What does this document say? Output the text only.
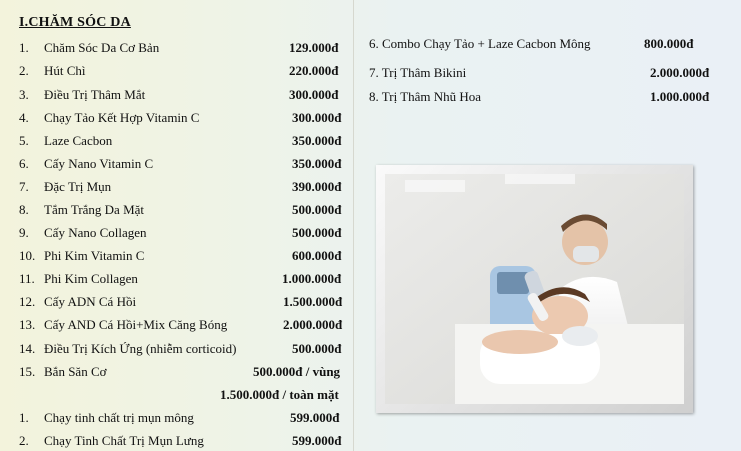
I.CHĂM SÓC DA
1. Chăm Sóc Da Cơ Bản	129.000đ
2. Hút Chì	220.000đ
3. Điều Trị Thâm Mắt	300.000đ
4. Chạy Tảo Kết Hợp Vitamin C	300.000đ
5. Laze Cacbon	350.000đ
6. Cấy Nano Vitamin C	350.000đ
7. Đặc Trị Mụn	390.000đ
8. Tắm Trắng Da Mặt	500.000đ
9. Cấy Nano Collagen	500.000đ
10. Phi Kim Vitamin C	600.000đ
11. Phi Kim Collagen	1.000.000đ
12. Cấy ADN Cá Hồi	1.500.000đ
13. Cấy AND Cá Hồi+Mix Căng Bóng	2.000.000đ
14. Điều Trị Kích Ứng (nhiễm corticoid)	500.000đ
15. Bắn Săn Cơ	500.000đ / vùng
1.500.000đ / toàn mặt
1. Chạy tinh chất trị mụn mông	599.000đ
2. Chạy Tinh Chất Trị Mụn Lưng	599.000đ
6. Combo Chạy Tảo + Laze Cacbon Mông	800.000đ
7. Trị Thâm Bikini	2.000.000đ
8. Trị Thâm Nhũ Hoa	1.000.000đ
